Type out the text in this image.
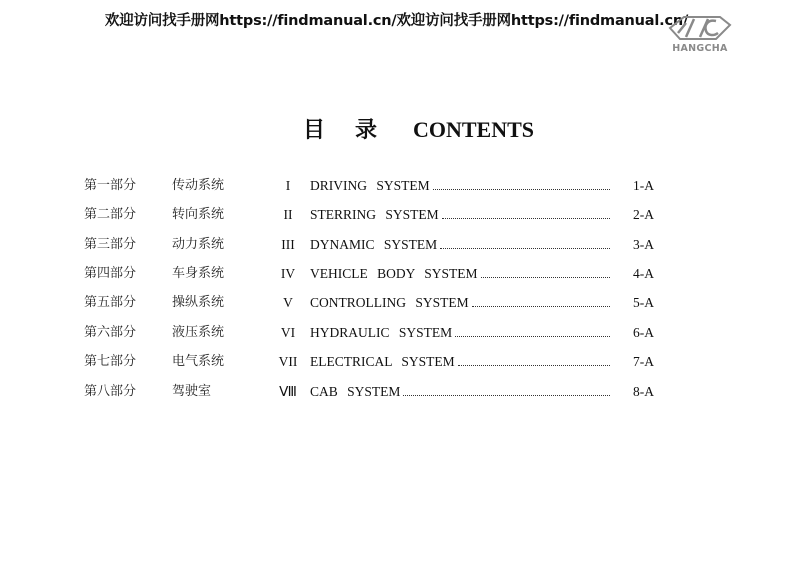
欢迎访问找手册网https://findmanual.cn/欢迎访问找手册网https://findmanual.cn/
HANGCHA
目录 CONTENTS
第一部分	传动系统	I	DRIVING SYSTEM	1-A
第二部分	转向系统	II	STERRING SYSTEM	2-A
第三部分	动力系统	III	DYNAMIC SYSTEM	3-A
第四部分	车身系统	IV	VEHICLE BODY SYSTEM	4-A
第五部分	操纵系统	V	CONTROLLING SYSTEM	5-A
第六部分	液压系统	VI	HYDRAULIC SYSTEM	6-A
第七部分	电气系统	VII ELECTRICAL SYSTEM	7-A
第八部分	驾驶室	Ⅷ CAB SYSTEM	8-A
